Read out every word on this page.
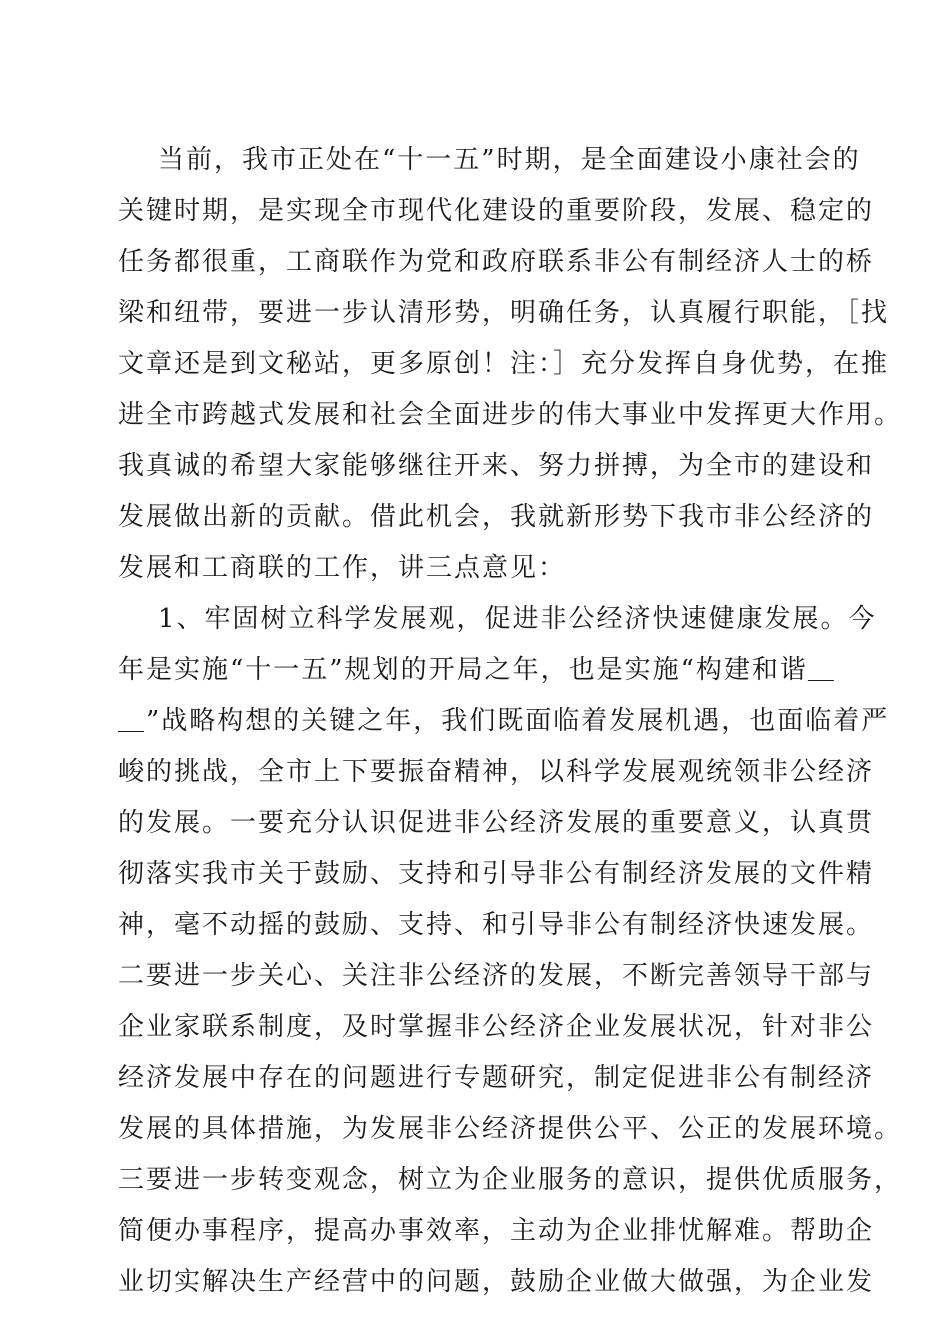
当前，我市正处在“十一五”时期，是全面建设小康社会的
关键时期，是实现全市现代化建设的重要阶段，发展、稳定的
任务都很重，工商联作为党和政府联系非公有制经济人士的桥
梁和纽带，要进一步认清形势，明确任务，认真履行职能，［找
文章还是到文秘站，更多原创！注：］充分发挥自身优势，在推
进全市跨越式发展和社会全面进步的伟大事业中发挥更大作用。
我真诚的希望大家能够继往开来、努力拼搏，为全市的建设和
发展做出新的贡献。借此机会，我就新形势下我市非公经济的
发展和工商联的工作，讲三点意见：
1、牢固树立科学发展观，促进非公经济快速健康发展。今
年是实施“十一五”规划的开局之年，也是实施“构建和谐＿
＿”战略构想的关键之年，我们既面临着发展机遇，也面临着严
峻的挑战，全市上下要振奋精神，以科学发展观统领非公经济
的发展。一要充分认识促进非公经济发展的重要意义，认真贯
彻落实我市关于鼓励、支持和引导非公有制经济发展的文件精
神，毫不动摇的鼓励、支持、和引导非公有制经济快速发展。
二要进一步关心、关注非公经济的发展，不断完善领导干部与
企业家联系制度，及时掌握非公经济企业发展状况，针对非公
经济发展中存在的问题进行专题研究，制定促进非公有制经济
发展的具体措施，为发展非公经济提供公平、公正的发展环境。
三要进一步转变观念，树立为企业服务的意识，提供优质服务，
简便办事程序，提高办事效率，主动为企业排忧解难。帮助企
业切实解决生产经营中的问题，鼓励企业做大做强，为企业发
